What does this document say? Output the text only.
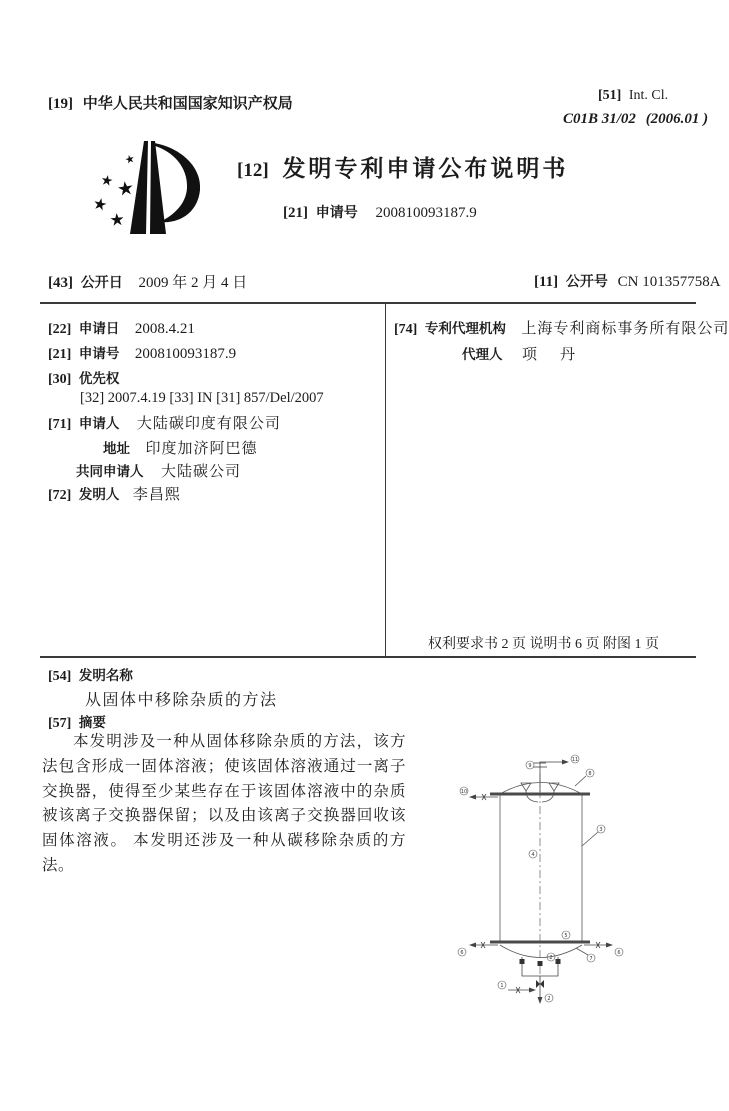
[19] 中华人民共和国国家知识产权局	[51] Int. Cl.
C01B 31/02 (2006.01 )
★
★ ★
★
★
[12] 发明专利申请公布说明书
[21] 申请号 200810093187.9
[43] 公开日 2009 年 2 月 4 日	[11] 公开号 CN 101357758A
[22] 申请日 2008.4.21
[21] 申请号 200810093187.9
[30] 优先权
[32] 2007.4.19 [33] IN [31] 857/Del/2007
[71] 申请人 大陆碳印度有限公司
地址 印度加济阿巴德
共同申请人 大陆碳公司
[72] 发明人 李昌熙
[74] 专利代理机构 上海专利商标事务所有限公司
代理人 项　丹
权利要求书 2 页 说明书 6 页 附图 1 页
[54] 发明名称
从固体中移除杂质的方法
[57] 摘要
本发明涉及一种从固体移除杂质的方法，该方法包含形成一固体溶液；使该固体溶液通过一离子交换器，使得至少某些存在于该固体溶液中的杂质被该离子交换器保留；以及由该离子交换器回收该固体溶液。 本发明还涉及一种从碳移除杂质的方法。
11
9
8
10
3
4
5
6	6
7
2
1
2
